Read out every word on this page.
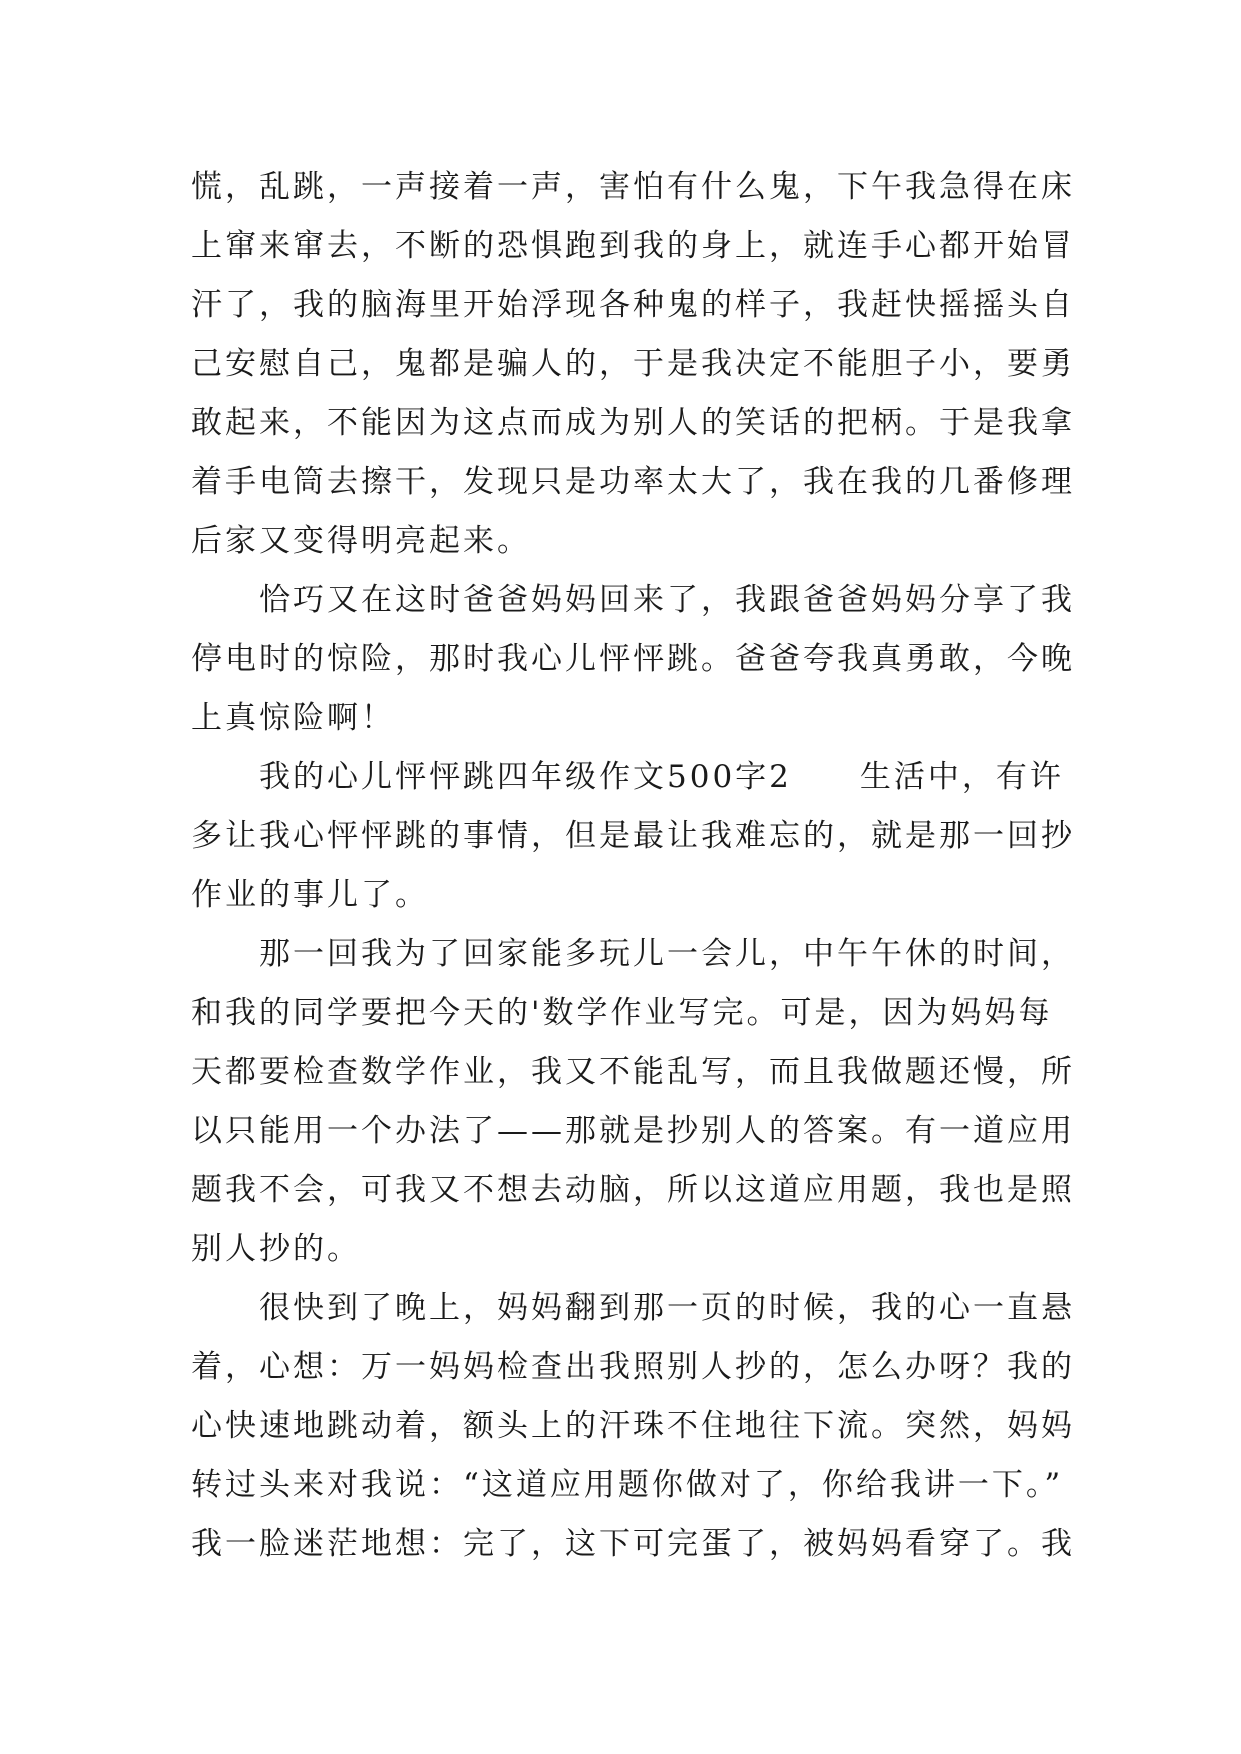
慌，乱跳，一声接着一声，害怕有什么鬼，下午我急得在床
上窜来窜去，不断的恐惧跑到我的身上，就连手心都开始冒
汗了，我的脑海里开始浮现各种鬼的样子，我赶快摇摇头自
己安慰自己，鬼都是骗人的，于是我决定不能胆子小，要勇
敢起来，不能因为这点而成为别人的笑话的把柄。于是我拿
着手电筒去擦干，发现只是功率太大了，我在我的几番修理
后家又变得明亮起来。
恰巧又在这时爸爸妈妈回来了，我跟爸爸妈妈分享了我
停电时的惊险，那时我心儿怦怦跳。爸爸夸我真勇敢，今晚
上真惊险啊！
我的心儿怦怦跳四年级作文500字2　　生活中，有许
多让我心怦怦跳的事情，但是最让我难忘的，就是那一回抄
作业的事儿了。
那一回我为了回家能多玩儿一会儿，中午午休的时间，
和我的同学要把今天的'数学作业写完。可是，因为妈妈每
天都要检查数学作业，我又不能乱写，而且我做题还慢，所
以只能用一个办法了——那就是抄别人的答案。有一道应用
题我不会，可我又不想去动脑，所以这道应用题，我也是照
别人抄的。
很快到了晚上，妈妈翻到那一页的时候，我的心一直悬
着，心想：万一妈妈检查出我照别人抄的，怎么办呀？我的
心快速地跳动着，额头上的汗珠不住地往下流。突然，妈妈
转过头来对我说：“这道应用题你做对了，你给我讲一下。”
我一脸迷茫地想：完了，这下可完蛋了，被妈妈看穿了。我
